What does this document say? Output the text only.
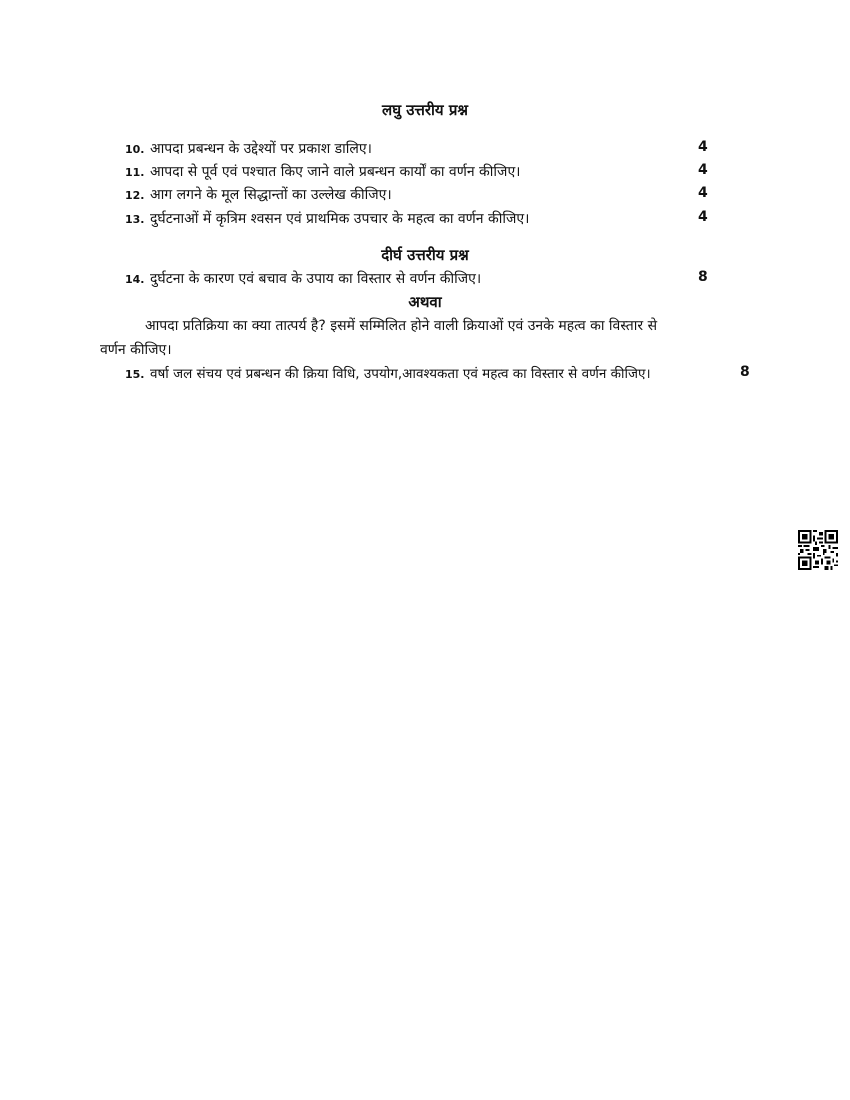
लघु उत्तरीय प्रश्न
10. आपदा प्रबन्धन के उद्देश्यों पर प्रकाश डालिए।	4
11. आपदा से पूर्व एवं पश्चात किए जाने वाले प्रबन्धन कार्यों का वर्णन कीजिए।	4
12. आग लगने के मूल सिद्धान्तों का उल्लेख कीजिए।	4
13. दुर्घटनाओं में कृत्रिम श्वसन एवं प्राथमिक उपचार के महत्व का वर्णन कीजिए।	4
दीर्घ उत्तरीय प्रश्न
14. दुर्घटना के कारण एवं बचाव के उपाय का विस्तार से वर्णन कीजिए।	8
अथवा
आपदा प्रतिक्रिया का क्या तात्पर्य है? इसमें सम्मिलित होने वाली क्रियाओं एवं उनके महत्व का विस्तार से
वर्णन कीजिए।
15. वर्षा जल संचय एवं प्रबन्धन की क्रिया विधि, उपयोग,आवश्यकता एवं महत्व का विस्तार से वर्णन कीजिए।	8
